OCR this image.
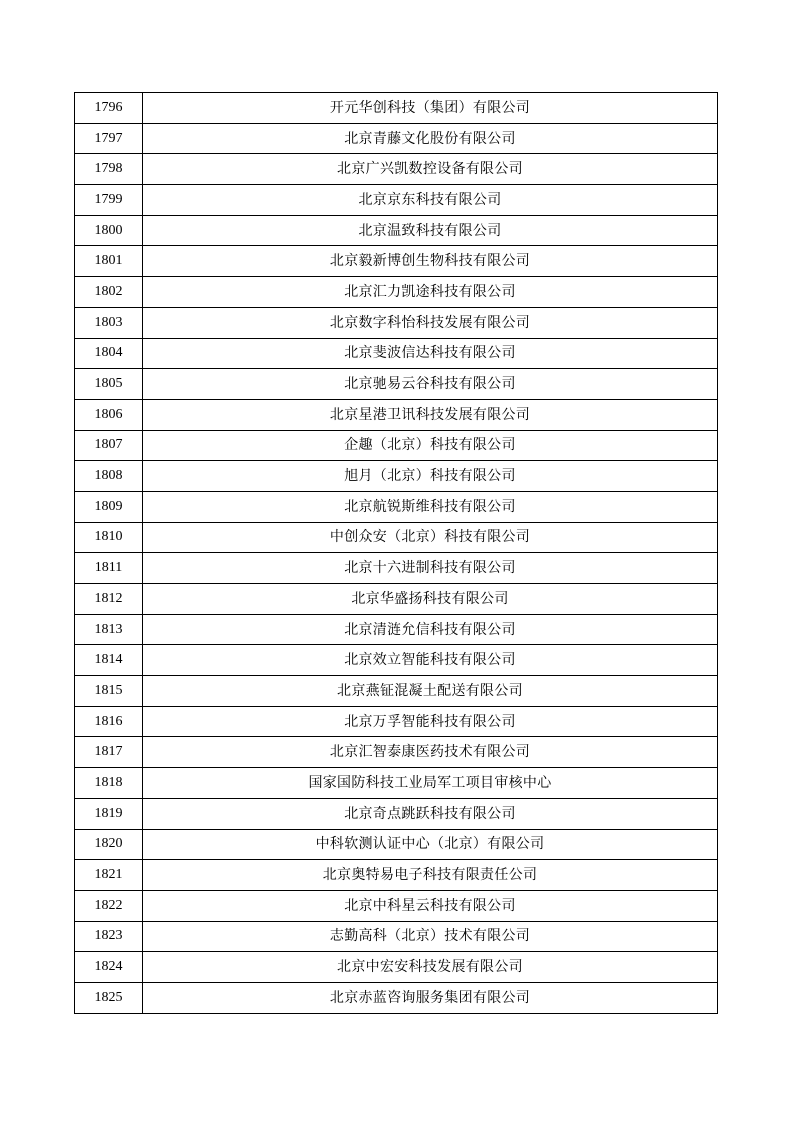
1796	开元华创科技（集团）有限公司
1797	北京青藤文化股份有限公司
1798	北京广兴凯数控设备有限公司
1799	北京京东科技有限公司
1800	北京温致科技有限公司
1801	北京毅新博创生物科技有限公司
1802	北京汇力凯途科技有限公司
1803	北京数字科怡科技发展有限公司
1804	北京斐波信达科技有限公司
1805	北京驰易云谷科技有限公司
1806	北京星港卫讯科技发展有限公司
1807	企趣（北京）科技有限公司
1808	旭月（北京）科技有限公司
1809	北京航锐斯维科技有限公司
1810	中创众安（北京）科技有限公司
1811	北京十六进制科技有限公司
1812	北京华盛扬科技有限公司
1813	北京清涟允信科技有限公司
1814	北京效立智能科技有限公司
1815	北京燕钲混凝土配送有限公司
1816	北京万孚智能科技有限公司
1817	北京汇智泰康医药技术有限公司
1818	国家国防科技工业局军工项目审核中心
1819	北京奇点跳跃科技有限公司
1820	中科软测认证中心（北京）有限公司
1821	北京奥特易电子科技有限责任公司
1822	北京中科星云科技有限公司
1823	志勤高科（北京）技术有限公司
1824	北京中宏安科技发展有限公司
1825	北京赤蓝咨询服务集团有限公司
